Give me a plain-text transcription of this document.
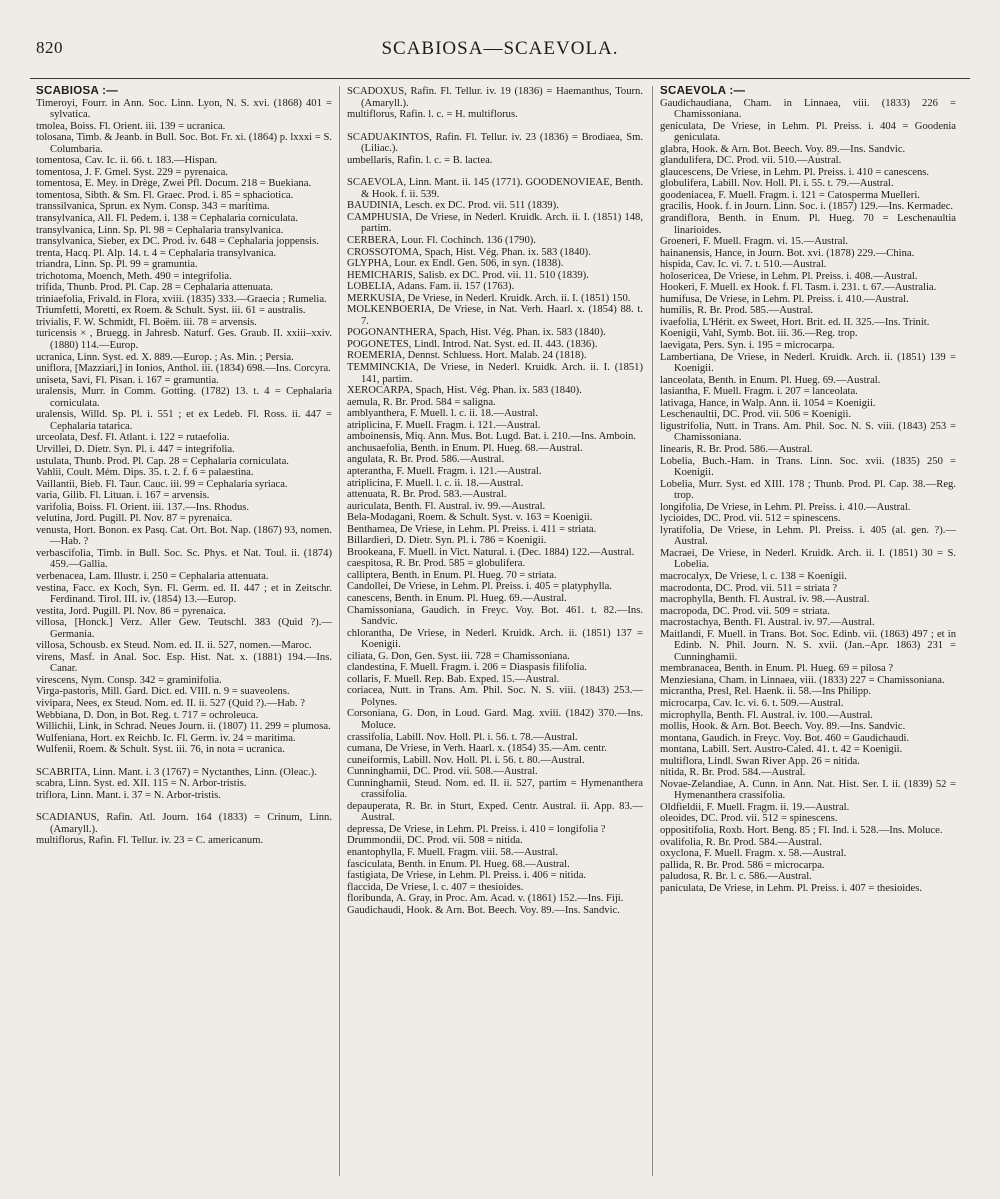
820	SCABIOSA—SCAEVOLA.

SCABIOSA :—

Timeroyi, Fourr. in Ann. Soc. Linn. Lyon, N. S. xvi. (1868) 401 = sylvatica.

tmolea, Boiss. Fl. Orient. iii. 139 = ucranica.

tolosana, Timb. & Jeanb. in Bull. Soc. Bot. Fr. xi. (1864) p. lxxxi = S. Columbaria.

tomentosa, Cav. Ic. ii. 66. t. 183.—Hispan.

tomentosa, J. F. Gmel. Syst. 229 = pyrenaica.

tomentosa, E. Mey. in Drège, Zwei Pfl. Docum. 218 = Buekiana.

tomentosa, Sibth. & Sm. Fl. Graec. Prod. i. 85 = sphaciotica.

transsilvanica, Sprun. ex Nym. Consp. 343 = maritima.

transylvanica, All. Fl. Pedem. i. 138 = Cephalaria corniculata.

transylvanica, Linn. Sp. Pl. 98 = Cephalaria transylvanica.

transylvanica, Sieber, ex DC. Prod. iv. 648 = Cephalaria joppensis.

trenta, Hacq. Pl. Alp. 14. t. 4 = Cephalaria transylvanica.

triandra, Linn. Sp. Pl. 99 = gramuntia.

trichotoma, Moench, Meth. 490 = integrifolia.

trifida, Thunb. Prod. Pl. Cap. 28 = Cephalaria attenuata.

triniaefolia, Frivald. in Flora, xviii. (1835) 333.—Graecia ; Rumelia.

Triumfetti, Moretti, ex Roem. & Schult. Syst. iii. 61 = australis.

trivialis, F. W. Schmidt, Fl. Boëm. iii. 78 = arvensis.

turicensis × , Bruegg. in Jahresb. Naturf. Ges. Graub. II. xxiii–xxiv. (1880) 114.—Europ.

ucranica, Linn. Syst. ed. X. 889.—Europ. ; As. Min. ; Persia.

uniflora, [Mazziari,] in Ionios, Anthol. iii. (1834) 698.—Ins. Corcyra.

uniseta, Savi, Fl. Pisan. i. 167 = gramuntia.

uralensis, Murr. in Comm. Gotting. (1782) 13. t. 4 = Cephalaria corniculata.

uralensis, Willd. Sp. Pl. i. 551 ; et ex Ledeb. Fl. Ross. ii. 447 = Cephalaria tatarica.

urceolata, Desf. Fl. Atlant. i. 122 = rutaefolia.

Urvillei, D. Dietr. Syn. Pl. i. 447 = integrifolia.

ustulata, Thunb. Prod. Pl. Cap. 28 = Cephalaria corniculata.

Vahlii, Coult. Mém. Dips. 35. t. 2. f. 6 = palaestina.

Vaillantii, Bieb. Fl. Taur. Cauc. iii. 99 = Cephalaria syriaca.

varia, Gilib. Fl. Lituan. i. 167 = arvensis.

varifolia, Boiss. Fl. Orient. iii. 137.—Ins. Rhodus.

velutina, Jord. Pugill. Pl. Nov. 87 = pyrenaica.

venusta, Hort. Bonon. ex Pasq. Cat. Ort. Bot. Nap. (1867) 93, nomen.—Hab. ?

verbascifolia, Timb. in Bull. Soc. Sc. Phys. et Nat. Toul. ii. (1874) 459.—Gallia.

verbenacea, Lam. Illustr. i. 250 = Cephalaria attenuata.

vestina, Facc. ex Koch, Syn. Fl. Germ. ed. II. 447 ; et in Zeitschr. Ferdinand. Tirol. III. iv. (1854) 13.—Europ.

vestita, Jord. Pugill. Pl. Nov. 86 = pyrenaica.

villosa, [Honck.] Verz. Aller Gew. Teutschl. 383 (Quid ?).—Germania.

villosa, Schousb. ex Steud. Nom. ed. II. ii. 527, nomen.—Maroc.

virens, Masf. in Anal. Soc. Esp. Hist. Nat. x. (1881) 194.—Ins. Canar.

virescens, Nym. Consp. 342 = graminifolia.

Virga-pastoris, Mill. Gard. Dict. ed. VIII. n. 9 = suaveolens.

vivipara, Nees, ex Steud. Nom. ed. II. ii. 527 (Quid ?).—Hab. ?

Webbiana, D. Don, in Bot. Reg. t. 717 = ochroleuca.

Willichii, Link, in Schrad. Neues Journ. ii. (1807) 11. 299 = plumosa.

Wulfeniana, Hort. ex Reichb. Ic. Fl. Germ. iv. 24 = maritima.

Wulfenii, Roem. & Schult. Syst. iii. 76, in nota = ucranica.

SCABRITA, Linn. Mant. i. 3 (1767) = Nyctanthes, Linn. (Oleac.).

scabra, Linn. Syst. ed. XII. 115 = N. Arbor-tristis.

triflora, Linn. Mant. i. 37 = N. Arbor-tristis.

SCADIANUS, Rafin. Atl. Journ. 164 (1833) = Crinum, Linn. (Amaryll.).

multiflorus, Rafin. Fl. Tellur. iv. 23 = C. americanum.

SCADOXUS, Rafin. Fl. Tellur. iv. 19 (1836) = Haemanthus, Tourn. (Amaryll.).

multiflorus, Rafin. l. c. = H. multiflorus.

SCADUAKINTOS, Rafin. Fl. Tellur. iv. 23 (1836) = Brodiaea, Sm. (Liliac.).

umbellaris, Rafin. l. c. = B. lactea.

SCAEVOLA, Linn. Mant. ii. 145 (1771). GOODENOVIEAE, Benth. & Hook. f. ii. 539.

BAUDINIA, Lesch. ex DC. Prod. vii. 511 (1839).

CAMPHUSIA, De Vriese, in Nederl. Kruidk. Arch. ii. I. (1851) 148, partim.

CERBERA, Lour. Fl. Cochinch. 136 (1790).

CROSSOTOMA, Spach, Hist. Vég. Phan. ix. 583 (1840).

GLYPHA, Lour. ex Endl. Gen. 506, in syn. (1838).

HEMICHARIS, Salisb. ex DC. Prod. vii. 11. 510 (1839).

LOBELIA, Adans. Fam. ii. 157 (1763).

MERKUSIA, De Vriese, in Nederl. Kruidk. Arch. ii. I. (1851) 150.

MOLKENBOERIA, De Vriese, in Nat. Verh. Haarl. x. (1854) 88. t. 7.

POGONANTHERA, Spach, Hist. Vég. Phan. ix. 583 (1840).

POGONETES, Lindl. Introd. Nat. Syst. ed. II. 443. (1836).

ROEMERIA, Dennst. Schluess. Hort. Malab. 24 (1818).

TEMMINCKIA, De Vriese, in Nederl. Kruidk. Arch. ii. I. (1851) 141, partim.

XEROCARPA, Spach, Hist. Vég. Phan. ix. 583 (1840).

aemula, R. Br. Prod. 584 = saligna.

amblyanthera, F. Muell. l. c. ii. 18.—Austral.

atriplicina, F. Muell. Fragm. i. 121.—Austral.

amboinensis, Miq. Ann. Mus. Bot. Lugd. Bat. i. 210.—Ins. Amboin.

anchusaefolia, Benth. in Enum. Pl. Hueg. 68.—Austral.

angulata, R. Br. Prod. 586.—Austral.

apterantha, F. Muell. Fragm. i. 121.—Austral.

atriplicina, F. Muell. l. c. ii. 18.—Austral.

attenuata, R. Br. Prod. 583.—Austral.

auriculata, Benth. Fl. Austral. iv. 99.—Austral.

Bela-Modagani, Roem. & Schult. Syst. v. 163 = Koenigii.

Benthamea, De Vriese, in Lehm. Pl. Preiss. i. 411 = striata.

Billardieri, D. Dietr. Syn. Pl. i. 786 = Koenigii.

Brookeana, F. Muell. in Vict. Natural. i. (Dec. 1884) 122.—Austral.

caespitosa, R. Br. Prod. 585 = globulifera.

calliptera, Benth. in Enum. Pl. Hueg. 70 = striata.

Candollei, De Vriese, in Lehm. Pl. Preiss. i. 405 = platyphylla.

canescens, Benth. in Enum. Pl. Hueg. 69.—Austral.

Chamissoniana, Gaudich. in Freyc. Voy. Bot. 461. t. 82.—Ins. Sandvic.

chlorantha, De Vriese, in Nederl. Kruidk. Arch. ii. (1851) 137 = Koenigii.

ciliata, G. Don, Gen. Syst. iii. 728 = Chamissoniana.

clandestina, F. Muell. Fragm. i. 206 = Diaspasis filifolia.

collaris, F. Muell. Rep. Bab. Exped. 15.—Austral.

coriacea, Nutt. in Trans. Am. Phil. Soc. N. S. viii. (1843) 253.—Polynes.

Corsoniana, G. Don, in Loud. Gard. Mag. xviii. (1842) 370.—Ins. Moluce.

crassifolia, Labill. Nov. Holl. Pl. i. 56. t. 78.—Austral.

cumana, De Vriese, in Verh. Haarl. x. (1854) 35.—Am. centr.

cuneiformis, Labill. Nov. Holl. Pl. i. 56. t. 80.—Austral.

Cunninghamii, DC. Prod. vii. 508.—Austral.

Cunninghamii, Steud. Nom. ed. II. ii. 527, partim = Hymenanthera crassifolia.

depauperata, R. Br. in Sturt, Exped. Centr. Austral. ii. App. 83.—Austral.

depressa, De Vriese, in Lehm. Pl. Preiss. i. 410 = longifolia ?

Drummondii, DC. Prod. vii. 508 = nitida.

enantophylla, F. Muell. Fragm. viii. 58.—Austral.

fasciculata, Benth. in Enum. Pl. Hueg. 68.—Austral.

fastigiata, De Vriese, in Lehm. Pl. Preiss. i. 406 = nitida.

flaccida, De Vriese, l. c. 407 = thesioides.

floribunda, A. Gray, in Proc. Am. Acad. v. (1861) 152.—Ins. Fiji.

Gaudichaudi, Hook. & Arn. Bot. Beech. Voy. 89.—Ins. Sandvic.

SCAEVOLA :—

Gaudichaudiana, Cham. in Linnaea, viii. (1833) 226 = Chamissoniana.

geniculata, De Vriese, in Lehm. Pl. Preiss. i. 404 = Goodenia geniculata.

glabra, Hook. & Arn. Bot. Beech. Voy. 89.—Ins. Sandvic.

glandulifera, DC. Prod. vii. 510.—Austral.

glaucescens, De Vriese, in Lehm. Pl. Preiss. i. 410 = canescens.

globulifera, Labill. Nov. Holl. Pl. i. 55. t. 79.—Austral.

goodeniacea, F. Muell. Fragm. i. 121 = Catosperma Muelleri.

gracilis, Hook. f. in Journ. Linn. Soc. i. (1857) 129.—Ins. Kermadec.

grandiflora, Benth. in Enum. Pl. Hueg. 70 = Leschenaultia linarioides.

Groeneri, F. Muell. Fragm. vi. 15.—Austral.

hainanensis, Hance, in Journ. Bot. xvi. (1878) 229.—China.

hispida, Cav. Ic. vi. 7. t. 510.—Austral.

holosericea, De Vriese, in Lehm. Pl. Preiss. i. 408.—Austral.

Hookeri, F. Muell. ex Hook. f. Fl. Tasm. i. 231. t. 67.—Australia.

humifusa, De Vriese, in Lehm. Pl. Preiss. i. 410.—Austral.

humilis, R. Br. Prod. 585.—Austral.

ivaefolia, L'Hérit. ex Sweet, Hort. Brit. ed. II. 325.—Ins. Trinit.

Koenigii, Vahl, Symb. Bot. iii. 36.—Reg. trop.

laevigata, Pers. Syn. i. 195 = microcarpa.

Lambertiana, De Vriese, in Nederl. Kruidk. Arch. ii. (1851) 139 = Koenigii.

lanceolata, Benth. in Enum. Pl. Hueg. 69.—Austral.

lasiantha, F. Muell. Fragm. i. 207 = lanceolata.

lativaga, Hance, in Walp. Ann. ii. 1054 = Koenigii.

Leschenaultii, DC. Prod. vii. 506 = Koenigii.

ligustrifolia, Nutt. in Trans. Am. Phil. Soc. N. S. viii. (1843) 253 = Chamissoniana.

linearis, R. Br. Prod. 586.—Austral.

Lobelia, Buch.-Ham. in Trans. Linn. Soc. xvii. (1835) 250 = Koenigii.

Lobelia, Murr. Syst. ed XIII. 178 ; Thunb. Prod. Pl. Cap. 38.—Reg. trop.

longifolia, De Vriese, in Lehm. Pl. Preiss. i. 410.—Austral.

lycioides, DC. Prod. vii. 512 = spinescens.

lyratifolia, De Vriese, in Lehm. Pl. Preiss. i. 405 (al. gen. ?).—Austral.

Macraei, De Vriese, in Nederl. Kruidk. Arch. ii. I. (1851) 30 = S. Lobelia.

macrocalyx, De Vriese, l. c. 138 = Koenigii.

macrodonta, DC. Prod. vii. 511 = striata ?

macrophylla, Benth. Fl. Austral. iv. 98.—Austral.

macropoda, DC. Prod. vii. 509 = striata.

macrostachya, Benth. Fl. Austral. iv. 97.—Austral.

Maitlandi, F. Muell. in Trans. Bot. Soc. Edinb. vii. (1863) 497 ; et in Edinb. N. Phil. Journ. N. S. xvii. (Jan.–Apr. 1863) 231 = Cunninghamii.

membranacea, Benth. in Enum. Pl. Hueg. 69 = pilosa ?

Menziesiana, Cham. in Linnaea, viii. (1833) 227 = Chamissoniana.

micrantha, Presl, Rel. Haenk. ii. 58.—Ins Philipp.

microcarpa, Cav. Ic. vi. 6. t. 509.—Austral.

microphylla, Benth. Fl. Austral. iv. 100.—Austral.

mollis, Hook. & Arn. Bot. Beech. Voy. 89.—Ins. Sandvic.

montana, Gaudich. in Freyc. Voy. Bot. 460 = Gaudichaudi.

montana, Labill. Sert. Austro-Caled. 41. t. 42 = Koenigii.

multiflora, Lindl. Swan River App. 26 = nitida.

nitida, R. Br. Prod. 584.—Austral.

Novae-Zelandiae, A. Cunn. in Ann. Nat. Hist. Ser. I. ii. (1839) 52 = Hymenanthera crassifolia.

Oldfieldii, F. Muell. Fragm. ii. 19.—Austral.

oleoides, DC. Prod. vii. 512 = spinescens.

oppositifolia, Roxb. Hort. Beng. 85 ; Fl. Ind. i. 528.—Ins. Moluce.

ovalifolia, R. Br. Prod. 584.—Austral.

oxyclona, F. Muell. Fragm. x. 58.—Austral.

pallida, R. Br. Prod. 586 = microcarpa.

paludosa, R. Br. l. c. 586.—Austral.

paniculata, De Vriese, in Lehm. Pl. Preiss. i. 407 = thesioides.
